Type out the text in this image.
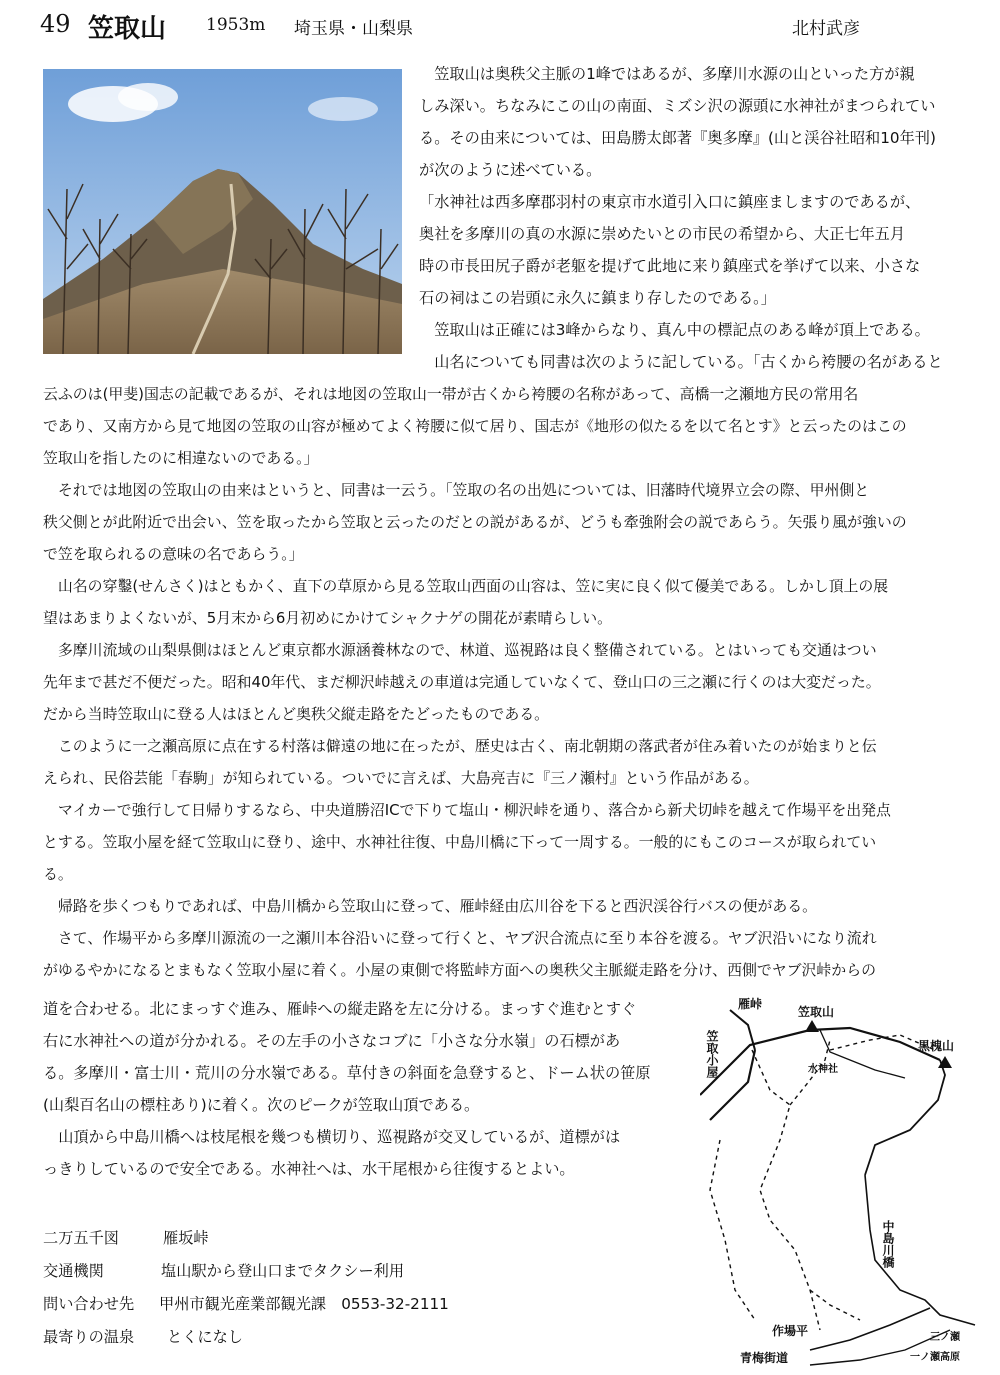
49 笠取山 1953m 埼玉県・山梨県	北村武彦
　笠取山は奥秩父主脈の1峰ではあるが、多摩川水源の山といった方が親
しみ深い。ちなみにこの山の南面、ミズシ沢の源頭に水神社がまつられてい
る。その由来については、田島勝太郎著『奥多摩』(山と渓谷社昭和10年刊)
が次のように述べている。
「水神社は西多摩郡羽村の東京市水道引入口に鎮座ましますのであるが、
奥社を多摩川の真の水源に崇めたいとの市民の希望から、大正七年五月
時の市長田尻子爵が老躯を提げて此地に来り鎮座式を挙げて以来、小さな
石の祠はこの岩頭に永久に鎮まり存したのである。」
　笠取山は正確には3峰からなり、真ん中の標記点のある峰が頂上である。
　山名についても同書は次のように記している。「古くから袴腰の名があると
云ふのは(甲斐)国志の記載であるが、それは地図の笠取山一帯が古くから袴腰の名称があって、高橋一之瀬地方民の常用名
であり、又南方から見て地図の笠取の山容が極めてよく袴腰に似て居り、国志が《地形の似たるを以て名とす》と云ったのはこの
笠取山を指したのに相違ないのである。」
　それでは地図の笠取山の由来はというと、同書は一云う。「笠取の名の出処については、旧藩時代境界立会の際、甲州側と
秩父側とが此附近で出会い、笠を取ったから笠取と云ったのだとの説があるが、どうも牽強附会の説であらう。矢張り風が強いの
で笠を取られるの意味の名であらう。」
　山名の穿鑿(せんさく)はともかく、直下の草原から見る笠取山西面の山容は、笠に実に良く似て優美である。しかし頂上の展
望はあまりよくないが、5月末から6月初めにかけてシャクナゲの開花が素晴らしい。
　多摩川流域の山梨県側はほとんど東京都水源涵養林なので、林道、巡視路は良く整備されている。とはいっても交通はつい
先年まで甚だ不便だった。昭和40年代、まだ柳沢峠越えの車道は完通していなくて、登山口の三之瀬に行くのは大変だった。
だから当時笠取山に登る人はほとんど奥秩父縦走路をたどったものである。
　このように一之瀬高原に点在する村落は僻遠の地に在ったが、歴史は古く、南北朝期の落武者が住み着いたのが始まりと伝
えられ、民俗芸能「春駒」が知られている。ついでに言えば、大島亮吉に『三ノ瀬村』という作品がある。
　マイカーで強行して日帰りするなら、中央道勝沼ICで下りて塩山・柳沢峠を通り、落合から新犬切峠を越えて作場平を出発点
とする。笠取小屋を経て笠取山に登り、途中、水神社往復、中島川橋に下って一周する。一般的にもこのコースが取られてい
る。
　帰路を歩くつもりであれば、中島川橋から笠取山に登って、雁峠経由広川谷を下ると西沢渓谷行バスの便がある。
　さて、作場平から多摩川源流の一之瀬川本谷沿いに登って行くと、ヤブ沢合流点に至り本谷を渡る。ヤブ沢沿いになり流れ
がゆるやかになるとまもなく笠取小屋に着く。小屋の東側で将監峠方面への奥秩父主脈縦走路を分け、西側でヤブ沢峠からの
道を合わせる。北にまっすぐ進み、雁峠への縦走路を左に分ける。まっすぐ進むとすぐ
右に水神社への道が分かれる。その左手の小さなコブに「小さな分水嶺」の石標があ
る。多摩川・富士川・荒川の分水嶺である。草付きの斜面を急登すると、ドーム状の笹原
(山梨百名山の標柱あり)に着く。次のピークが笠取山頂である。
　山頂から中島川橋へは枝尾根を幾つも横切り、巡視路が交叉しているが、道標がは
っきりしているので安全である。水神社へは、水干尾根から往復するとよい。
二万五千図	雁坂峠
交通機関	塩山駅から登山口までタクシー利用
問い合わせ先 甲州市観光産業部観光課　0553-32-2111
最寄りの温泉 とくになし
雁峠
笠取山
黒槐山
水神社
作場平	三ノ瀬
一ノ瀬高原
青梅街道
笠取小屋
中島川橋
